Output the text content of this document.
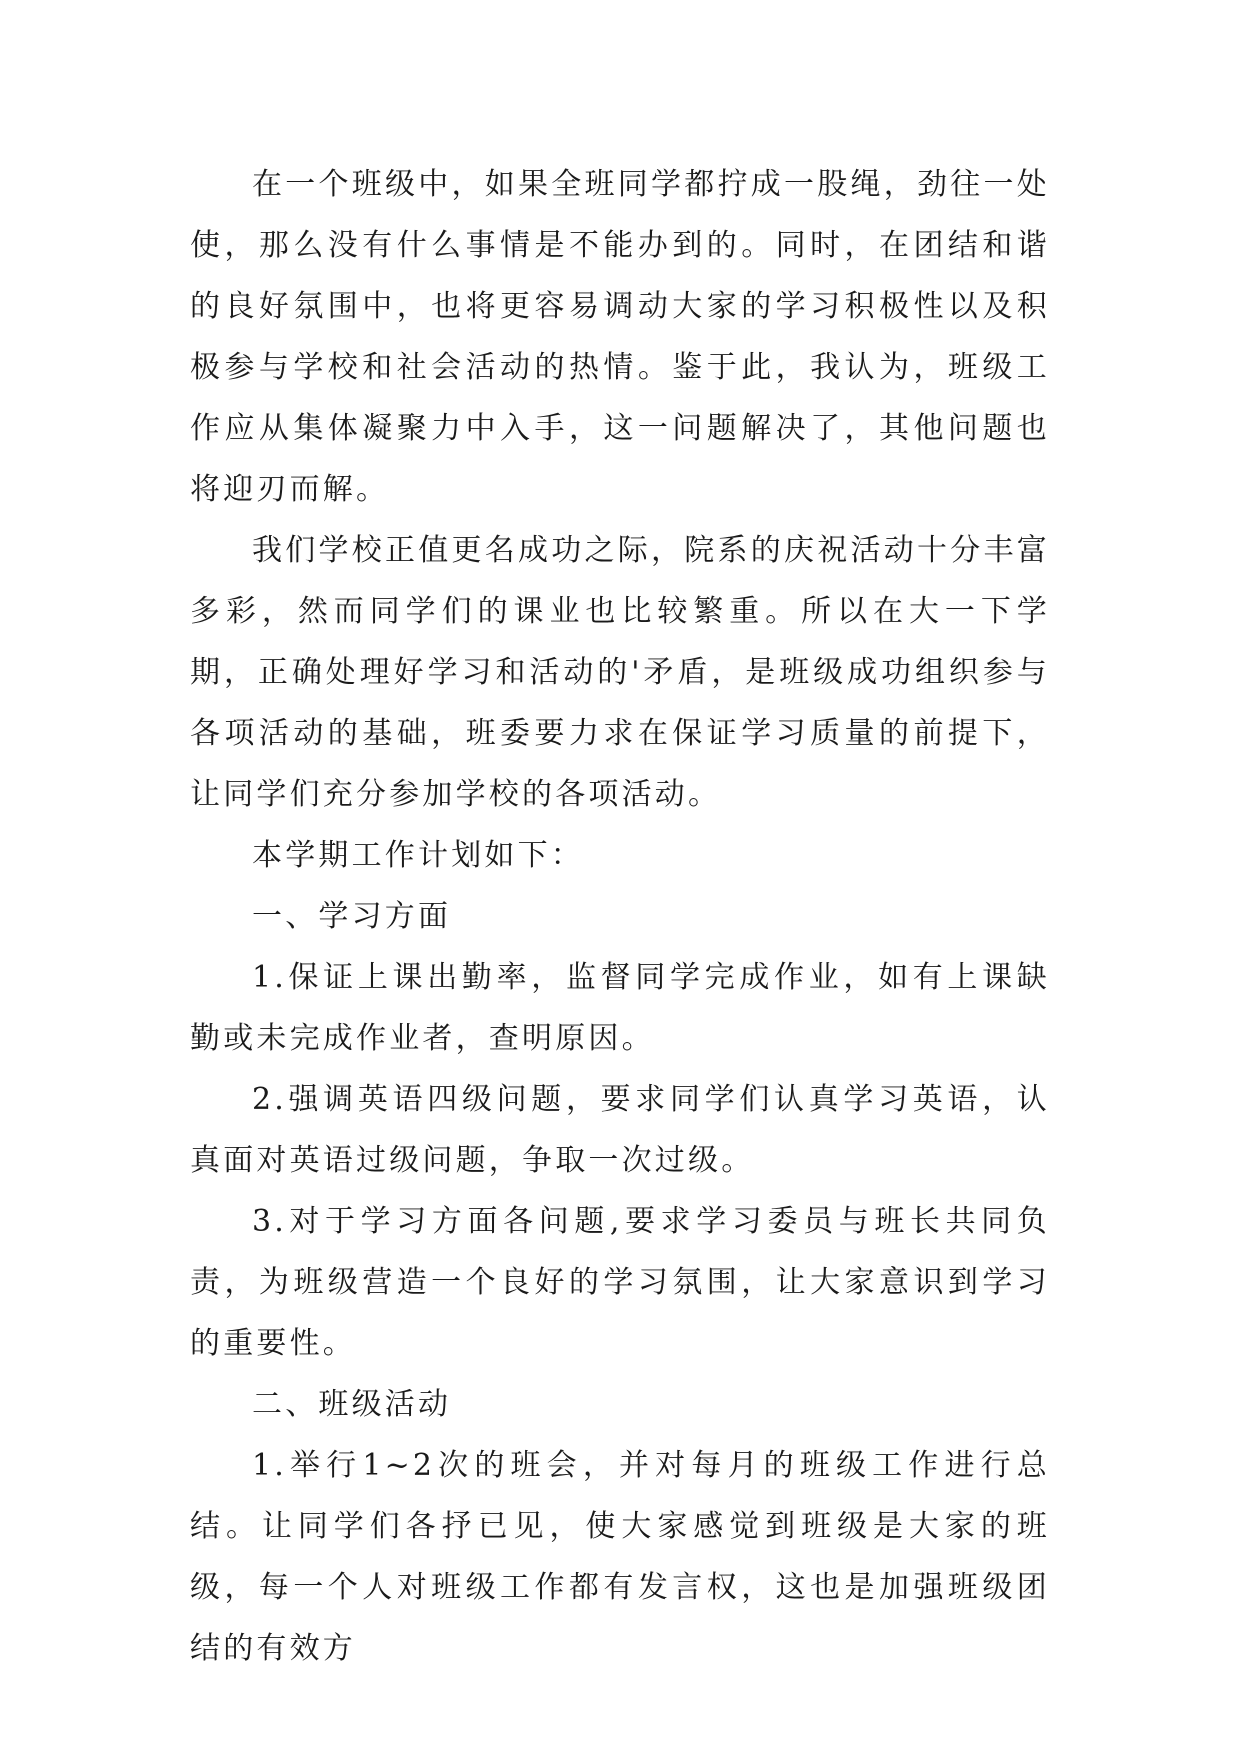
在一个班级中，如果全班同学都拧成一股绳，劲往一处使，那么没有什么事情是不能办到的。同时，在团结和谐的良好氛围中，也将更容易调动大家的学习积极性以及积极参与学校和社会活动的热情。鉴于此，我认为，班级工作应从集体凝聚力中入手，这一问题解决了，其他问题也将迎刃而解。

我们学校正值更名成功之际，院系的庆祝活动十分丰富多彩，然而同学们的课业也比较繁重。所以在大一下学期，正确处理好学习和活动的'矛盾，是班级成功组织参与各项活动的基础，班委要力求在保证学习质量的前提下，让同学们充分参加学校的各项活动。

本学期工作计划如下：

一、学习方面

1.保证上课出勤率，监督同学完成作业，如有上课缺勤或未完成作业者，查明原因。

2.强调英语四级问题，要求同学们认真学习英语，认真面对英语过级问题，争取一次过级。

3.对于学习方面各问题,要求学习委员与班长共同负责，为班级营造一个良好的学习氛围，让大家意识到学习的重要性。

二、班级活动

1.举行1~2次的班会，并对每月的班级工作进行总结。让同学们各抒已见，使大家感觉到班级是大家的班级，每一个人对班级工作都有发言权，这也是加强班级团结的有效方
